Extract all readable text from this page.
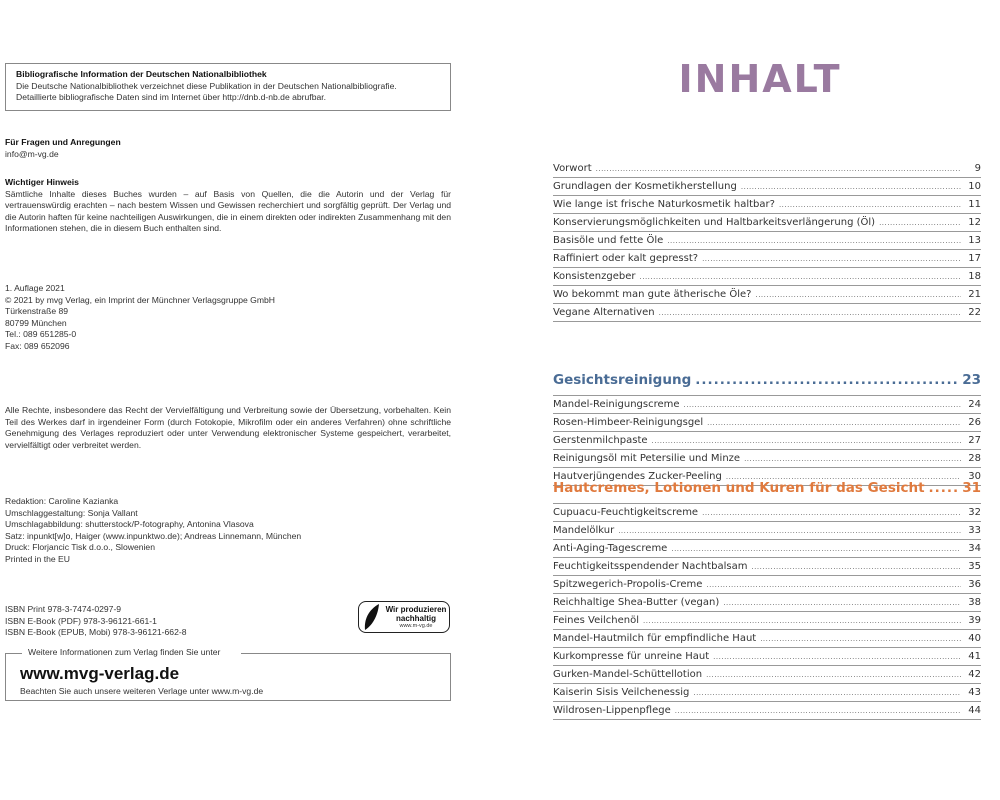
Bibliografische Information der Deutschen Nationalbibliothek
Die Deutsche Nationalbibliothek verzeichnet diese Publikation in der Deutschen Nationalbibliografie.
Detaillierte bibliografische Daten sind im Internet über http://dnb.d-nb.de abrufbar.
Für Fragen und Anregungen
info@m-vg.de
Wichtiger Hinweis
Sämtliche Inhalte dieses Buches wurden – auf Basis von Quellen, die die Autorin und der Verlag für vertrauenswürdig erachten – nach bestem Wissen und Gewissen recherchiert und sorgfältig geprüft. Der Verlag und die Autorin haften für keine nachteiligen Auswirkungen, die in einem direkten oder indirekten Zusammenhang mit den Informationen stehen, die in diesem Buch enthalten sind.
1. Auflage 2021
© 2021 by mvg Verlag, ein Imprint der Münchner Verlagsgruppe GmbH
Türkenstraße 89
80799 München
Tel.: 089 651285-0
Fax: 089 652096
Alle Rechte, insbesondere das Recht der Vervielfältigung und Verbreitung sowie der Übersetzung, vorbehalten. Kein Teil des Werkes darf in irgendeiner Form (durch Fotokopie, Mikrofilm oder ein anderes Verfahren) ohne schriftliche Genehmigung des Verlages reproduziert oder unter Verwendung elektronischer Systeme gespeichert, verarbeitet, vervielfältigt oder verbreitet werden.
Redaktion: Caroline Kazianka
Umschlaggestaltung: Sonja Vallant
Umschlagabbildung: shutterstock/P-fotography, Antonina Vlasova
Satz: inpunkt[w]o, Haiger (www.inpunktwo.de); Andreas Linnemann, München
Druck: Florjancic Tisk d.o.o., Slowenien
Printed in the EU
ISBN Print 978-3-7474-0297-9
ISBN E-Book (PDF) 978-3-96121-661-1
ISBN E-Book (EPUB, Mobi) 978-3-96121-662-8
Wir produzieren
nachhaltig
www.m-vg.de
Weitere Informationen zum Verlag finden Sie unter
www.mvg-verlag.de
Beachten Sie auch unsere weiteren Verlage unter www.m-vg.de
INHALT
Vorwort .....	9
Grundlagen der Kosmetikherstellung .....	10
Wie lange ist frische Naturkosmetik haltbar? .....	11
Konservierungsmöglichkeiten und Haltbarkeitsverlängerung (Öl) .....	12
Basisöle und fette Öle .....	13
Raffiniert oder kalt gepresst? .....	17
Konsistenzgeber .....	18
Wo bekommt man gute ätherische Öle? .....	21
Vegane Alternativen .....	22
Gesichtsreinigung .....	23
Mandel-Reinigungscreme .....	24
Rosen-Himbeer-Reinigungsgel .....	26
Gerstenmilchpaste .....	27
Reinigungsöl mit Petersilie und Minze .....	28
Hautverjüngendes Zucker-Peeling .....	30
Hautcremes, Lotionen und Kuren für das Gesicht .....	31
Cupuacu-Feuchtigkeitscreme .....	32
Mandelölkur .....	33
Anti-Aging-Tagescreme .....	34
Feuchtigkeitsspendender Nachtbalsam .....	35
Spitzwegerich-Propolis-Creme .....	36
Reichhaltige Shea-Butter (vegan) .....	38
Feines Veilchenöl .....	39
Mandel-Hautmilch für empfindliche Haut .....	40
Kurkompresse für unreine Haut .....	41
Gurken-Mandel-Schüttellotion .....	42
Kaiserin Sisis Veilchenessig .....	43
Wildrosen-Lippenpflege .....	44
